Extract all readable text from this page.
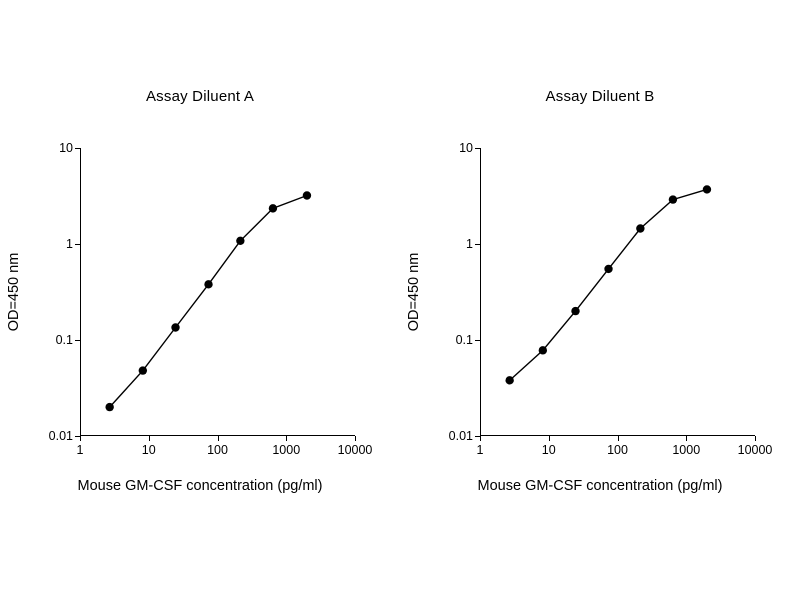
Assay Diluent A
OD=450 nm
Mouse GM-CSF concentration (pg/ml)
10
1
0.1
0.01
1	10	100	1000	10000
Assay Diluent B
OD=450 nm
Mouse GM-CSF concentration (pg/ml)
10
1
0.1
0.01
1	10	100	1000	10000
